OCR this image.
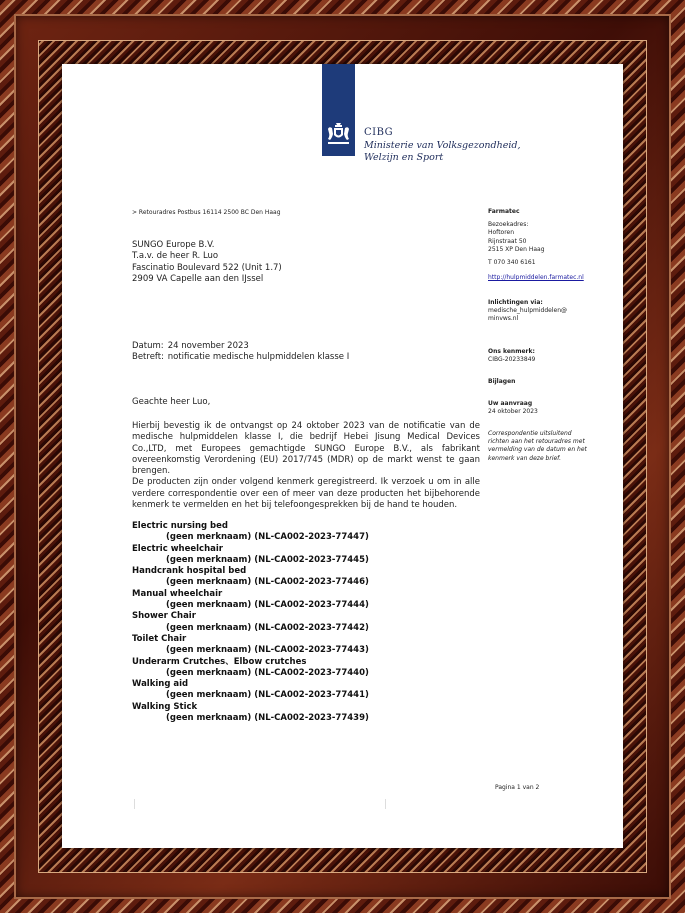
CIBG
Ministerie van Volksgezondheid,
Welzijn en Sport
> Retouradres Postbus 16114 2500 BC Den Haag
SUNGO Europe B.V.
T.a.v. de heer R. Luo
Fascinatio Boulevard 522 (Unit 1.7)
2909 VA Capelle aan den IJssel
Datum: 24 november 2023
Betreft: notificatie medische hulpmiddelen klasse I
Geachte heer Luo,

Hierbij bevestig ik de ontvangst op 24 oktober 2023 van de notificatie van de medische hulpmiddelen klasse I, die bedrijf Hebei Jisung Medical Devices Co.,LTD, met Europees gemachtigde SUNGO Europe B.V., als fabrikant overeenkomstig Verordening (EU) 2017/745 (MDR) op de markt wenst te gaan brengen.

De producten zijn onder volgend kenmerk geregistreerd. Ik verzoek u om in alle verdere correspondentie over een of meer van deze producten het bijbehorende kenmerk te vermelden en het bij telefoongesprekken bij de hand te houden.

Electric nursing bed
(geen merknaam) (NL-CA002-2023-77447)
Electric wheelchair
(geen merknaam) (NL-CA002-2023-77445)
Handcrank hospital bed
(geen merknaam) (NL-CA002-2023-77446)
Manual wheelchair
(geen merknaam) (NL-CA002-2023-77444)
Shower Chair
(geen merknaam) (NL-CA002-2023-77442)
Toilet Chair
(geen merknaam) (NL-CA002-2023-77443)
Underarm Crutches、Elbow crutches
(geen merknaam) (NL-CA002-2023-77440)
Walking aid
(geen merknaam) (NL-CA002-2023-77441)
Walking Stick
(geen merknaam) (NL-CA002-2023-77439)
Farmatec
Bezoekadres:
Hoftoren
Rijnstraat 50
2515 XP Den Haag
T 070 340 6161
http://hulpmiddelen.farmatec.nl
Inlichtingen via:
medische_hulpmiddelen@
minvws.nl
Ons kenmerk:
CIBG-20233849
Bijlagen
Uw aanvraag
24 oktober 2023
Correspondentie uitsluitend
richten aan het retouradres met
vermelding van de datum en het
kenmerk van deze brief.
Pagina 1 van 2
